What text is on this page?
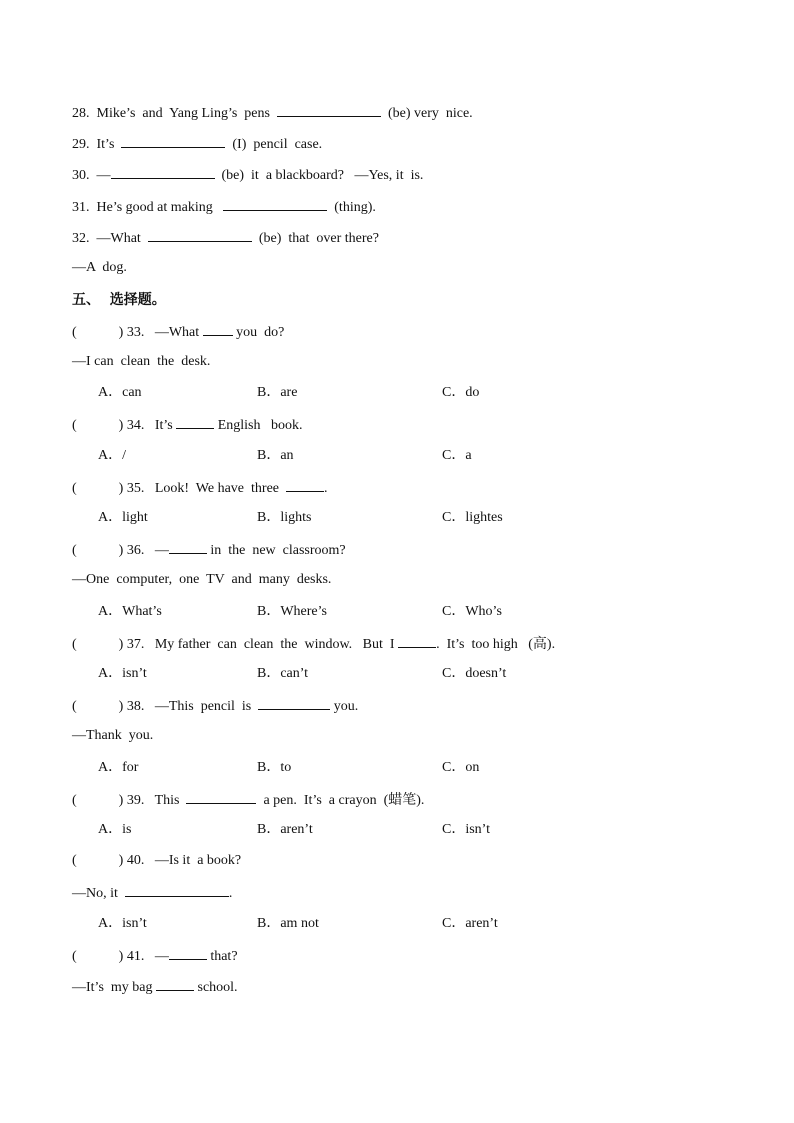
28.  Mike’s  and  Yang Ling’s  pens	(be) very  nice.
29.  It’s	(I)  pencil  case.
30.  —	(be)  it  a blackboard?   —Yes, it  is.
31.  He’s good at making	(thing).
32.  —What	(be)  that  over there?
—A  dog.
五、  选择题。
(            ) 33.   —What  you  do?
—I can  clean  the  desk.
A．can	B．are	C．do
(            ) 34.   It’s	English   book.
A．/	B．an	C．a
(            ) 35.   Look!  We have  three	.
A．light	B．lights	C．lightes
(            ) 36.   —	in  the  new  classroom?
—One  computer,  one  TV  and  many  desks.
A．What’s	B．Where’s	C．Who’s
(            ) 37.   My father  can  clean  the  window.   But  I	.  It’s  too high   (高).
A．isn’t	B．can’t	C．doesn’t
(            ) 38.   —This  pencil  is	you.
—Thank  you.
A．for	B．to	C．on
(            ) 39.   This	a pen.  It’s  a crayon  (蜡笔).
A．is	B．aren’t	C．isn’t
(            ) 40.   —Is it  a book?
—No, it	.
A．isn’t	B．am not	C．aren’t
(            ) 41.   —	that?
—It’s  my bag	school.
